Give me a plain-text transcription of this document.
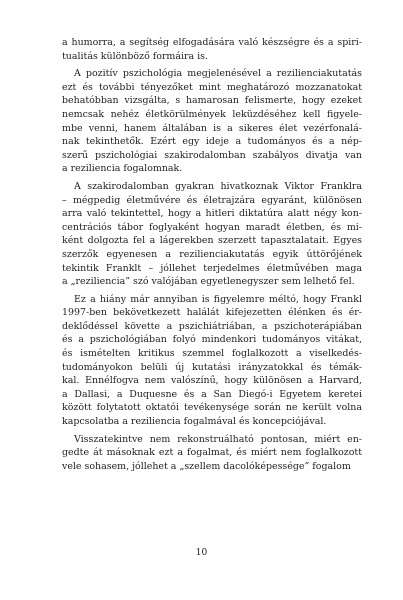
a humorra, a segítség elfogadására való készségre és a spiri-
tualitás különböző formáira is.
A pozitív pszichológia megjelenésével a rezilienciakutatás
ezt és további tényezőket mint meghatározó mozzanatokat
behatóbban vizsgálta, s hamarosan felismerte, hogy ezeket
nemcsak nehéz életkörülmények leküzdéséhez kell figyele-
mbe venni, hanem általában is a sikeres élet vezérfonalá-
nak tekinthetők. Ezért egy ideje a tudományos és a nép-
szerű pszichológiai szakirodalomban szabályos divatja van
a reziliencia fogalomnak.
A szakirodalomban gyakran hivatkoznak Viktor Franklra
– mégpedig életművére és életrajzára egyaránt, különösen
arra való tekintettel, hogy a hitleri diktatúra alatt négy kon-
centrációs tábor foglyaként hogyan maradt életben, és mi-
ként dolgozta fel a lágerekben szerzett tapasztalatait. Egyes
szerzők egyenesen a rezilienciakutatás egyik úttörőjének
tekintik Franklt – jóllehet terjedelmes életművében maga
a „reziliencia” szó valójában egyetlenegyszer sem lelhető fel.
Ez a hiány már annyiban is figyelemre méltó, hogy Frankl
1997-ben bekövetkezett halálát kifejezetten élénken és ér-
deklődéssel követte a pszichiátriában, a pszichoterápiában
és a pszichológiában folyó mindenkori tudományos vitákat,
és ismételten kritikus szemmel foglalkozott a viselkedés-
tudományokon belüli új kutatási irányzatokkal és témák-
kal. Ennélfogva nem valószínű, hogy különösen a Harvard,
a Dallasi, a Duquesne és a San Diegó-i Egyetem keretei
között folytatott oktatói tevékenysége során ne került volna
kapcsolatba a reziliencia fogalmával és koncepciójával.
Visszatekintve nem rekonstruálható pontosan, miért en-
gedte át másoknak ezt a fogalmat, és miért nem foglalkozott
vele sohasem, jóllehet a „szellem dacolóképessége” fogalom
10
